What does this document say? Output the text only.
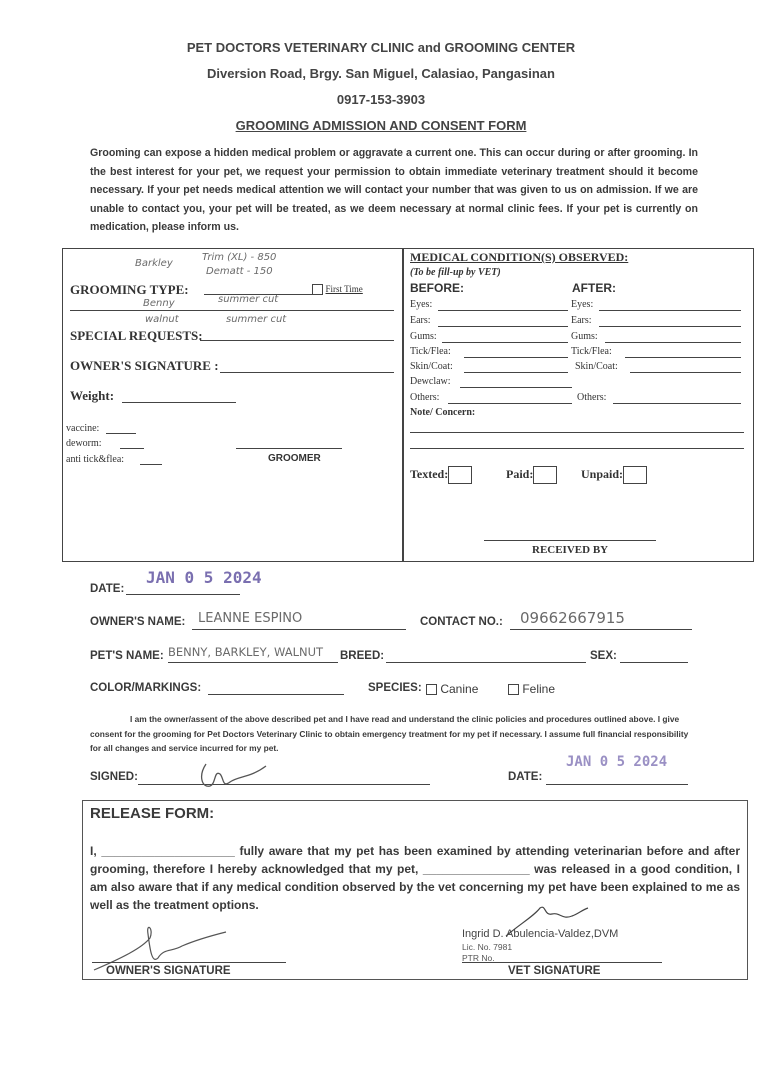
PET DOCTORS VETERINARY CLINIC and GROOMING CENTER
Diversion Road, Brgy. San Miguel, Calasiao, Pangasinan
0917-153-3903
GROOMING ADMISSION AND CONSENT FORM
Grooming can expose a hidden medical problem or aggravate a current one. This can occur during or after grooming. In the best interest for your pet, we request your permission to obtain immediate veterinary treatment should it become necessary. If your pet needs medical attention we will contact your number that was given to us on admission. If we are unable to contact you, your pet will be treated, as we deem necessary at normal clinic fees. If your pet is currently on medication, please inform us.
Barkley
Trim (XL) - 850
Dematt - 150
GROOMING TYPE:	First Time
Benny	summer cut
walnut	summer cut
SPECIAL REQUESTS:
OWNER'S SIGNATURE :
Weight:
vaccine:
deworm:
anti tick&flea:	GROOMER
MEDICAL CONDITION(S) OBSERVED:
(To be fill-up by VET)
BEFORE:	AFTER:
Eyes:	Eyes:
Ears:	Ears:
Gums:	Gums:
Tick/Flea:	Tick/Flea:
Skin/Coat:	Skin/Coat:
Dewclaw:
Others:	Others:
Note/ Concern:
Texted:	Paid:	Unpaid:
RECEIVED BY
DATE:
JAN 0 5 2024
OWNER'S NAME: LEANNE ESPINO	CONTACT NO.: 09662667915
PET'S NAME: BENNY, BARKLEY, WALNUT BREED:	SEX:
COLOR/MARKINGS:	SPECIES:	Canine	Feline
I am the owner/assent of the above described pet and I have read and understand the clinic policies and procedures outlined above. I give consent for the grooming for Pet Doctors Veterinary Clinic to obtain emergency treatment for my pet if necessary. I assume full financial responsibility for all changes and service incurred for my pet.
SIGNED:	DATE:
JAN 0 5 2024
RELEASE FORM:
I, ____________________ fully aware that my pet has been examined by attending veterinarian before and after grooming, therefore I hereby acknowledged that my pet, ________________ was released in a good condition, I am also aware that if any medical condition observed by the vet concerning my pet have been explained to me as well as the treatment options.
OWNER'S SIGNATURE
Ingrid D. Abulencia-Valdez,DVM
Lic. No. 7981
PTR No.
VET SIGNATURE
